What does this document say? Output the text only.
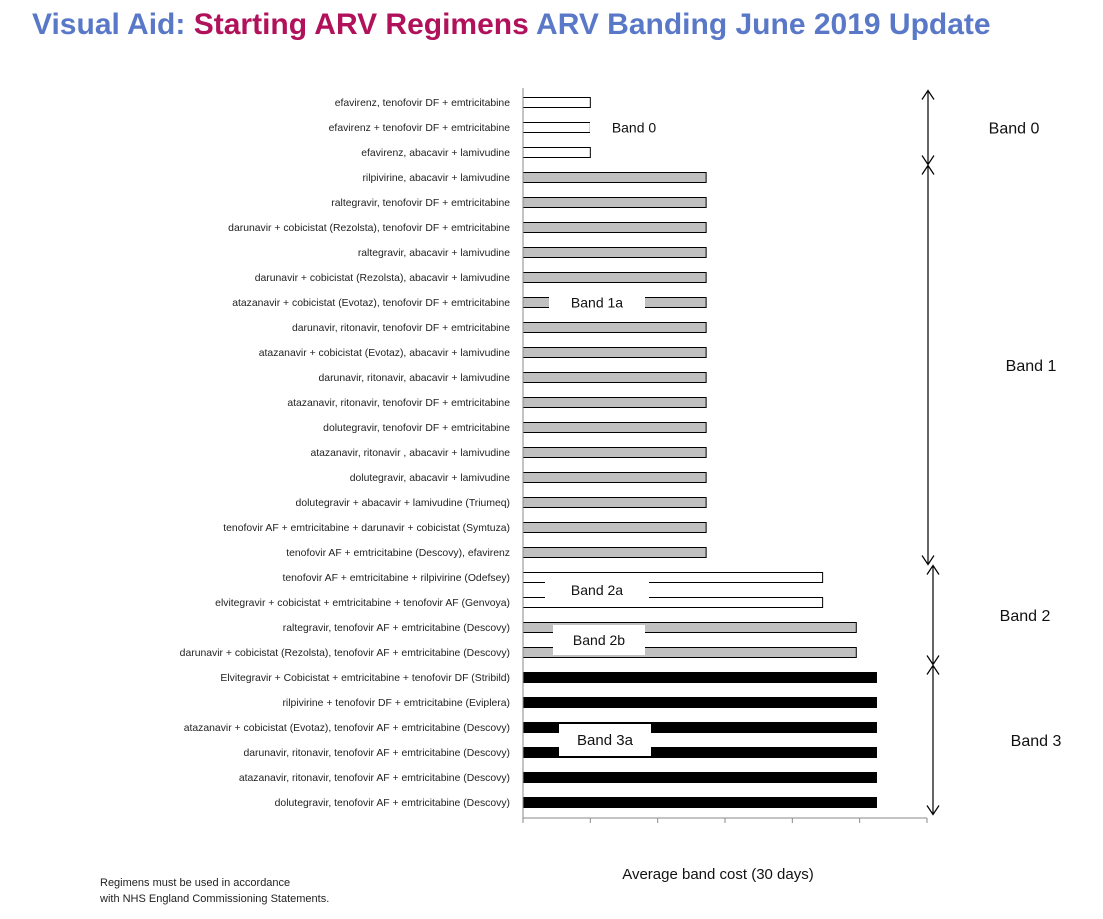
Visual Aid: Starting ARV Regimens ARV Banding June 2019 Update
efavirenz, tenofovir DF + emtricitabine
efavirenz + tenofovir DF + emtricitabine
efavirenz, abacavir + lamivudine
rilpivirine, abacavir + lamivudine
raltegravir, tenofovir DF + emtricitabine
darunavir + cobicistat (Rezolsta), tenofovir DF + emtricitabine
raltegravir, abacavir + lamivudine
darunavir + cobicistat (Rezolsta), abacavir + lamivudine
atazanavir + cobicistat (Evotaz), tenofovir DF + emtricitabine
darunavir, ritonavir, tenofovir DF + emtricitabine
atazanavir + cobicistat (Evotaz), abacavir + lamivudine
darunavir, ritonavir, abacavir + lamivudine
atazanavir, ritonavir, tenofovir DF + emtricitabine
dolutegravir, tenofovir DF + emtricitabine
atazanavir, ritonavir , abacavir + lamivudine
dolutegravir, abacavir + lamivudine
dolutegravir + abacavir + lamivudine (Triumeq)
tenofovir AF + emtricitabine + darunavir + cobicistat (Symtuza)
tenofovir AF + emtricitabine (Descovy), efavirenz
tenofovir AF + emtricitabine + rilpivirine (Odefsey)
elvitegravir + cobicistat + emtricitabine + tenofovir AF (Genvoya)
raltegravir, tenofovir AF + emtricitabine (Descovy)
darunavir + cobicistat (Rezolsta), tenofovir AF + emtricitabine (Descovy)
Elvitegravir + Cobicistat + emtricitabine + tenofovir DF (Stribild)
rilpivirine + tenofovir DF + emtricitabine (Eviplera)
atazanavir + cobicistat (Evotaz), tenofovir AF + emtricitabine (Descovy)
darunavir, ritonavir, tenofovir AF + emtricitabine (Descovy)
atazanavir, ritonavir, tenofovir AF + emtricitabine (Descovy)
dolutegravir, tenofovir AF + emtricitabine (Descovy)
Average band cost (30 days)
Band 0
Band 1a
Band 2a
Band 2b
Band 3a
Band 0
Band 1
Band 2
Band 3
Regimens must be used in accordance
with NHS England Commissioning Statements.
